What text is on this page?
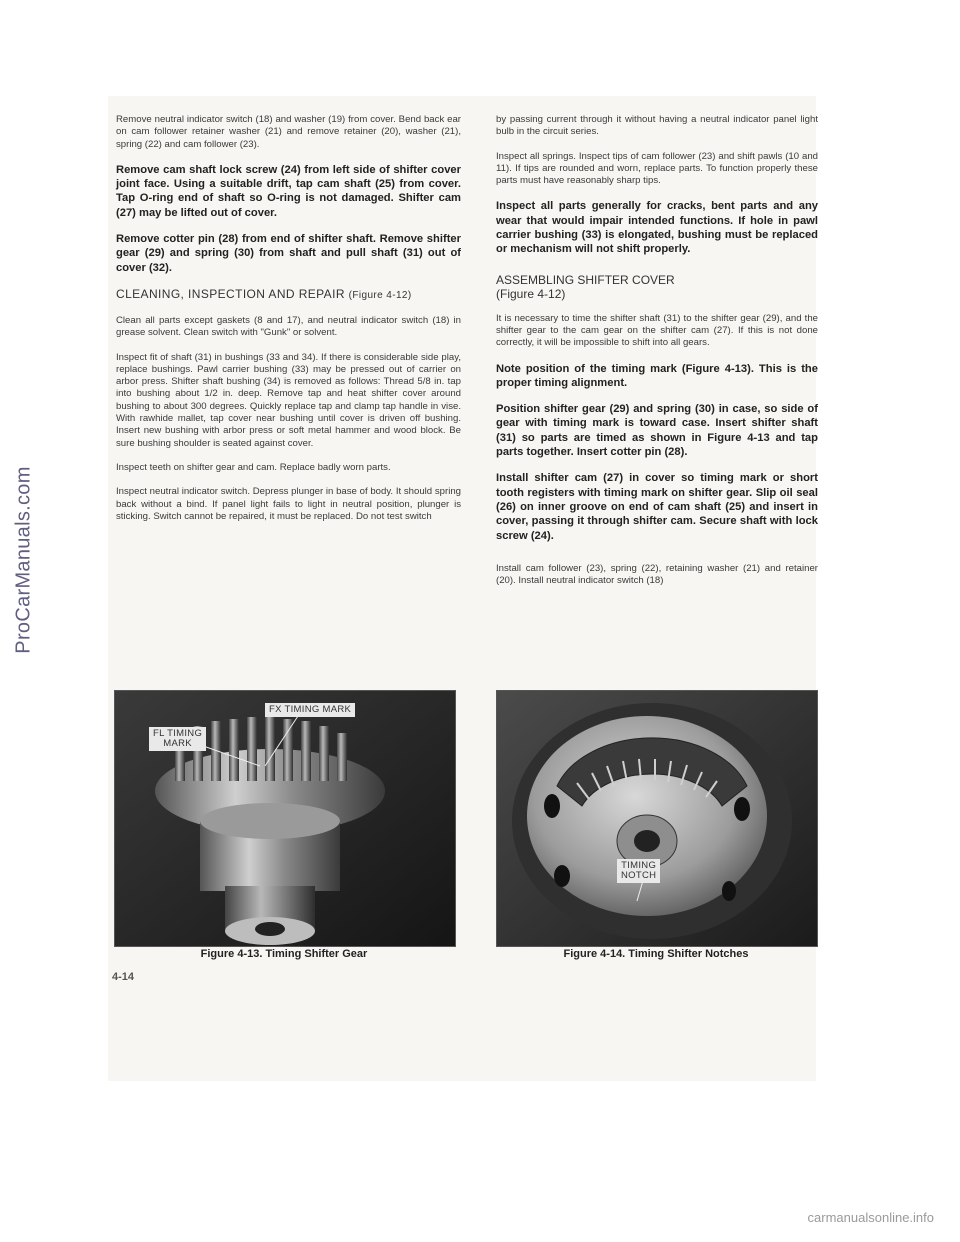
ProCarManuals.com

Remove neutral indicator switch (18) and washer (19) from cover. Bend back ear on cam follower retainer washer (21) and remove retainer (20), washer (21), spring (22) and cam follower (23).

Remove cam shaft lock screw (24) from left side of shifter cover joint face. Using a suitable drift, tap cam shaft (25) from cover. Tap O-ring end of shaft so O-ring is not damaged. Shifter cam (27) may be lifted out of cover.

Remove cotter pin (28) from end of shifter shaft. Remove shifter gear (29) and spring (30) from shaft and pull shaft (31) out of cover (32).

CLEANING, INSPECTION AND REPAIR (Figure 4-12)

Clean all parts except gaskets (8 and 17), and neutral indicator switch (18) in grease solvent. Clean switch with "Gunk" or solvent.

Inspect fit of shaft (31) in bushings (33 and 34). If there is considerable side play, replace bushings. Pawl carrier bushing (33) may be pressed out of carrier on arbor press. Shifter shaft bushing (34) is removed as follows: Thread 5/8 in. tap into bushing about 1/2 in. deep. Remove tap and heat shifter cover around bushing to about 300 degrees. Quickly replace tap and clamp tap handle in vise. With rawhide mallet, tap cover near bushing until cover is driven off bushing. Insert new bushing with arbor press or soft metal hammer and wood block. Be sure bushing shoulder is seated against cover.

Inspect teeth on shifter gear and cam. Replace badly worn parts.

Inspect neutral indicator switch. Depress plunger in base of body. It should spring back without a bind. If panel light fails to light in neutral position, plunger is sticking. Switch cannot be repaired, it must be replaced. Do not test switch

by passing current through it without having a neutral indicator panel light bulb in the circuit series.

Inspect all springs. Inspect tips of cam follower (23) and shift pawls (10 and 11). If tips are rounded and worn, replace parts. To function properly these parts must have reasonably sharp tips.

Inspect all parts generally for cracks, bent parts and any wear that would impair intended functions. If hole in pawl carrier bushing (33) is elongated, bushing must be replaced or mechanism will not shift properly.

ASSEMBLING SHIFTER COVER
(Figure 4-12)

It is necessary to time the shifter shaft (31) to the shifter gear (29), and the shifter gear to the cam gear on the shifter cam (27). If this is not done correctly, it will be impossible to shift into all gears.

Note position of the timing mark (Figure 4-13). This is the proper timing alignment.

Position shifter gear (29) and spring (30) in case, so side of gear with timing mark is toward case. Insert shifter shaft (31) so parts are timed as shown in Figure 4-13 and tap parts together. Insert cotter pin (28).

Install shifter cam (27) in cover so timing mark or short tooth registers with timing mark on shifter gear. Slip oil seal (26) on inner groove on end of cam shaft (25) and insert in cover, passing it through shifter cam. Secure shaft with lock screw (24).

Install cam follower (23), spring (22), retaining washer (21) and retainer (20). Install neutral indicator switch (18)

FX TIMING MARK
FL TIMING
MARK
TIMING
NOTCH
Figure 4-13. Timing Shifter Gear	Figure 4-14. Timing Shifter Notches
4-14
carmanualsonline.info
